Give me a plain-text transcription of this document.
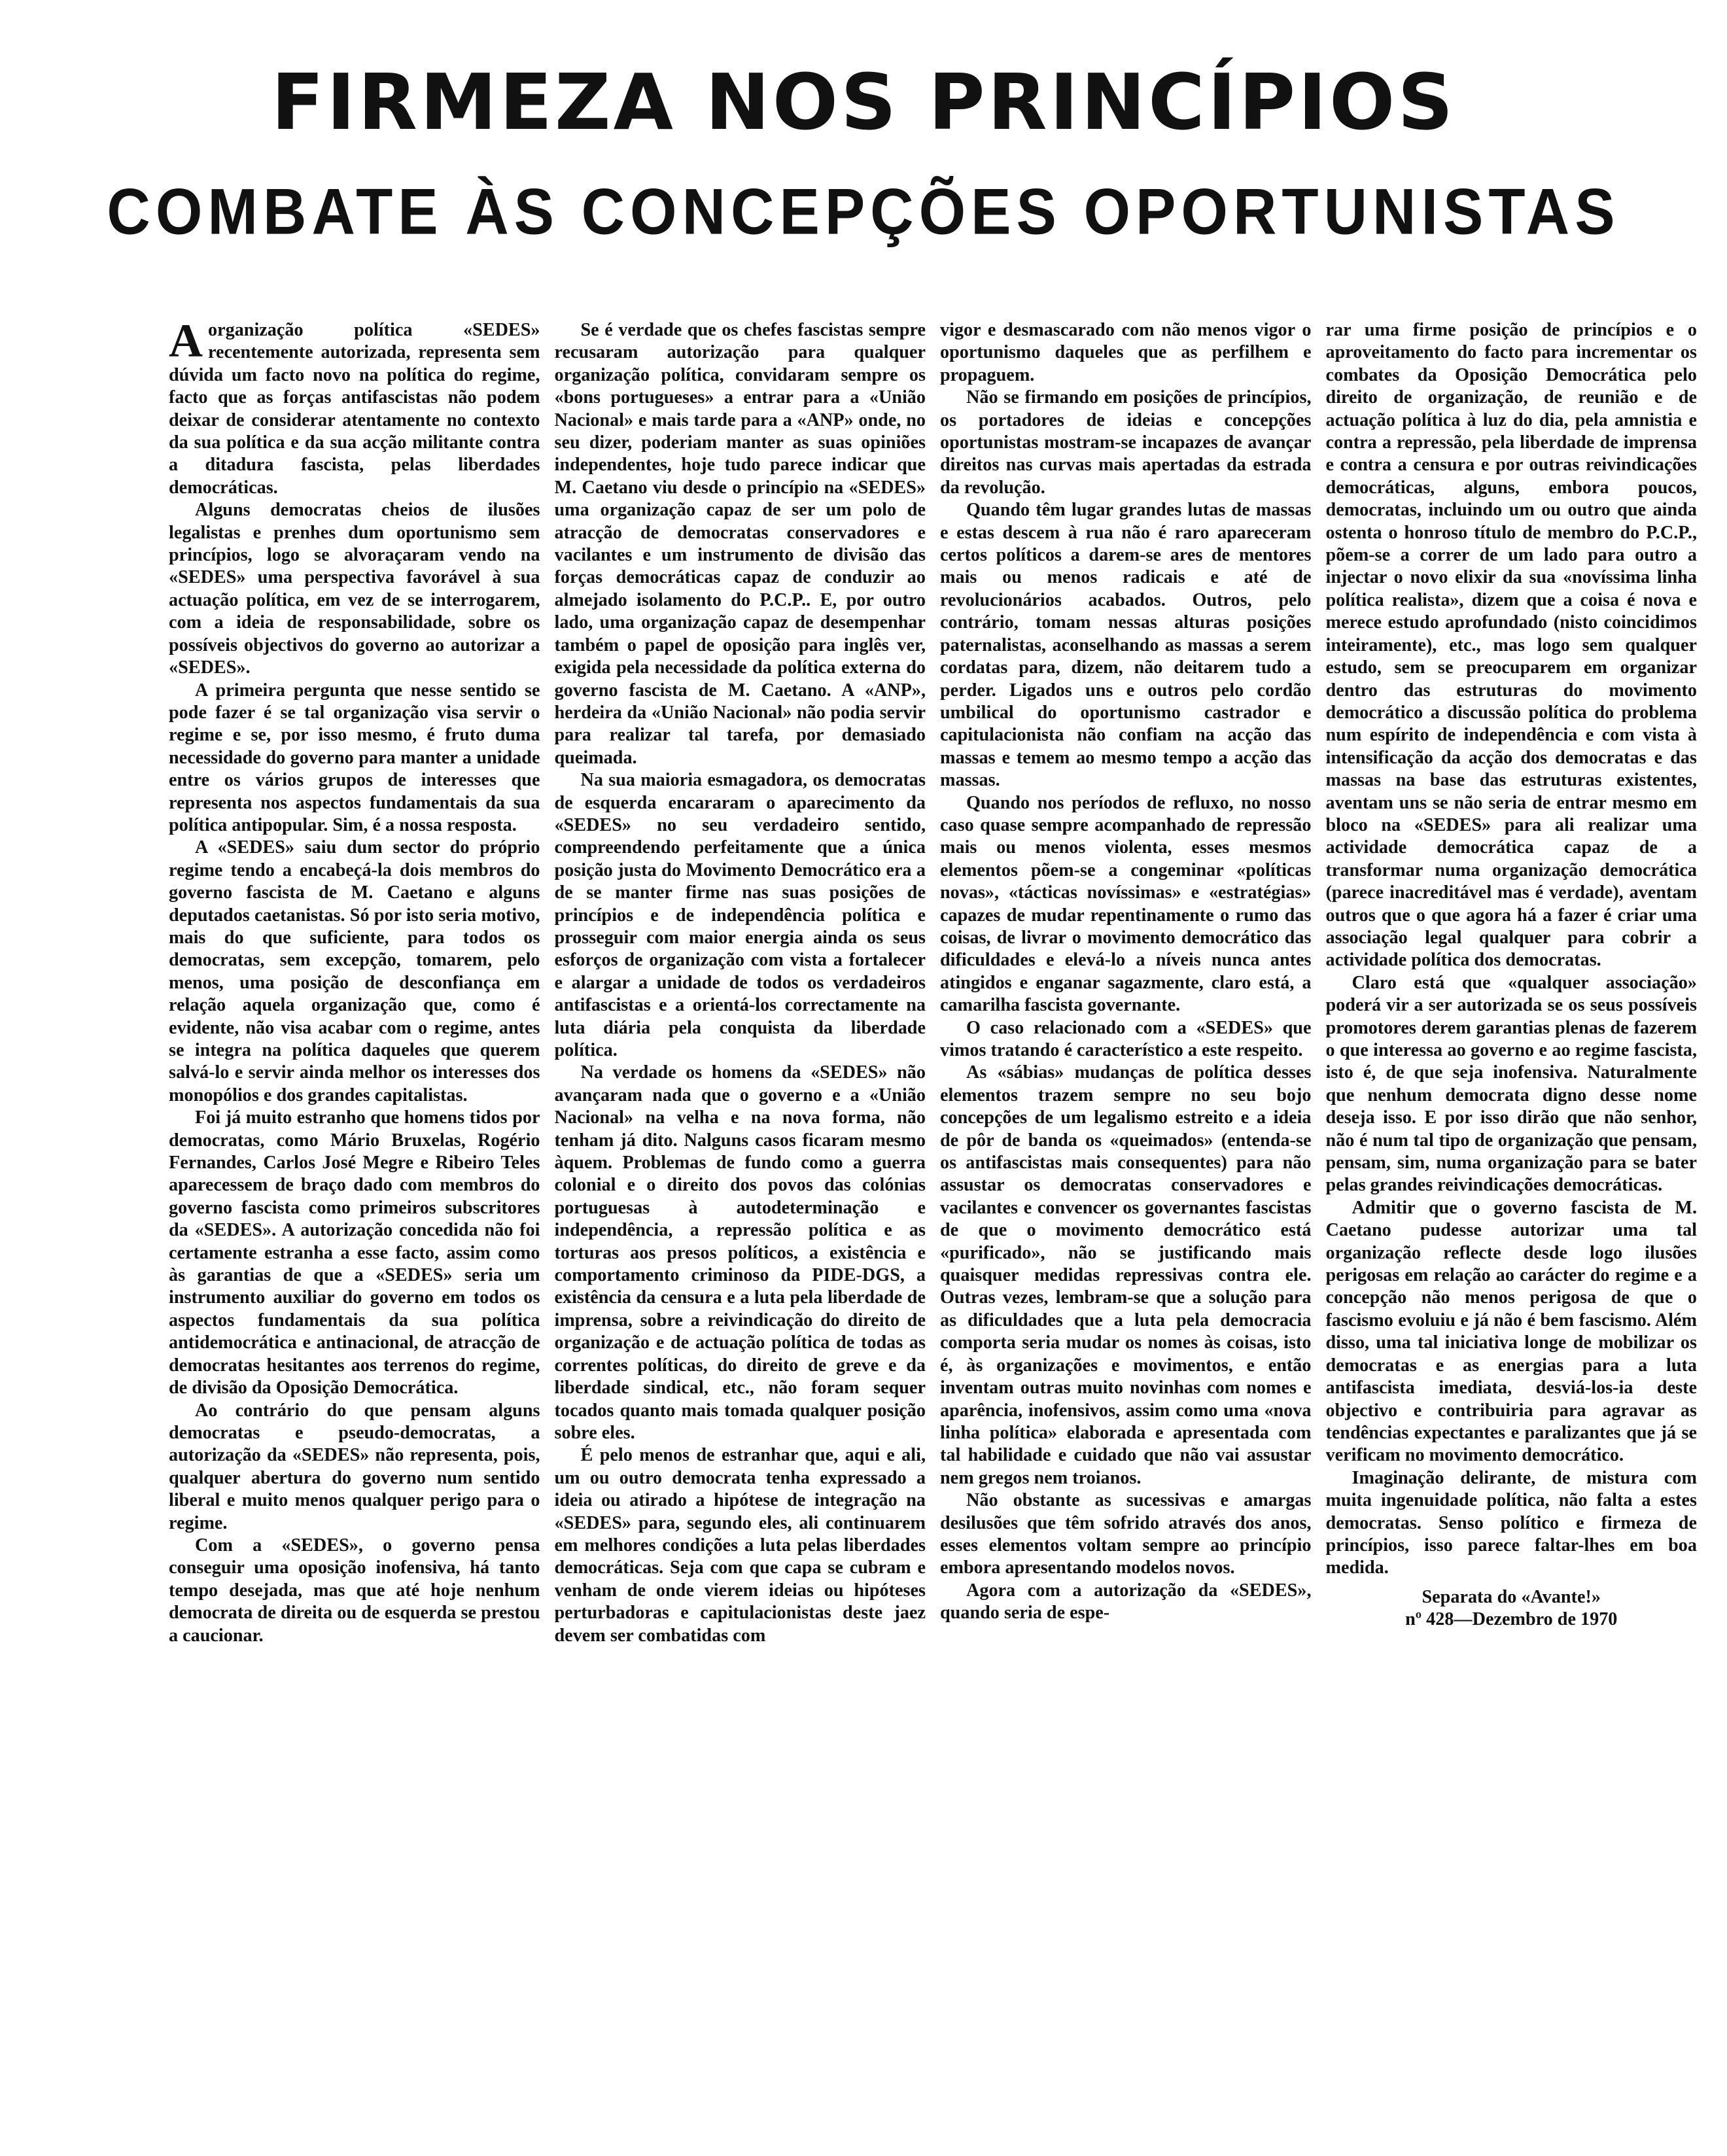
FIRMEZA NOS PRINCÍPIOS
COMBATE ÀS CONCEPÇÕES OPORTUNISTAS

Aorganização política «SEDES» recentemente autorizada, representa sem dúvida um facto novo na política do regime, facto que as forças antifascistas não podem deixar de considerar atentamente no contexto da sua política e da sua acção militante contra a ditadura fascista, pelas liberdades democráticas.

Alguns democratas cheios de ilusões legalistas e prenhes dum oportunismo sem princípios, logo se alvoraçaram vendo na «SEDES» uma perspectiva favorável à sua actuação política, em vez de se interrogarem, com a ideia de responsabilidade, sobre os possíveis objectivos do governo ao autorizar a «SEDES».

A primeira pergunta que nesse sentido se pode fazer é se tal organização visa servir o regime e se, por isso mesmo, é fruto duma necessidade do governo para manter a unidade entre os vários grupos de interesses que representa nos aspectos fundamentais da sua política antipopular. Sim, é a nossa resposta.

A «SEDES» saiu dum sector do próprio regime tendo a encabeçá-la dois membros do governo fascista de M. Caetano e alguns deputados caetanistas. Só por isto seria motivo, mais do que suficiente, para todos os democratas, sem excepção, tomarem, pelo menos, uma posição de desconfiança em relação aquela organização que, como é evidente, não visa acabar com o regime, antes se integra na política daqueles que querem salvá-lo e servir ainda melhor os interesses dos monopólios e dos grandes capitalistas.

Foi já muito estranho que homens tidos por democratas, como Mário Bruxelas, Rogério Fernandes, Carlos José Megre e Ribeiro Teles aparecessem de braço dado com membros do governo fascista como primeiros subscritores da «SEDES». A autorização concedida não foi certamente estranha a esse facto, assim como às garantias de que a «SEDES» seria um instrumento auxiliar do governo em todos os aspectos fundamentais da sua política antidemocrática e antinacional, de atracção de democratas hesitantes aos terrenos do regime, de divisão da Oposição Democrática.

Ao contrário do que pensam alguns democratas e pseudo-democratas, a autorização da «SEDES» não representa, pois, qualquer abertura do governo num sentido liberal e muito menos qualquer perigo para o regime.

Com a «SEDES», o governo pensa conseguir uma oposição inofensiva, há tanto tempo desejada, mas que até hoje nenhum democrata de direita ou de esquerda se prestou a caucionar.

Se é verdade que os chefes fascistas sempre recusaram autorização para qualquer organização política, convidaram sempre os «bons portugueses» a entrar para a «União Nacional» e mais tarde para a «ANP» onde, no seu dizer, poderiam manter as suas opiniões independentes, hoje tudo parece indicar que M. Caetano viu desde o princípio na «SEDES» uma organização capaz de ser um polo de atracção de democratas conservadores e vacilantes e um instrumento de divisão das forças democráticas capaz de conduzir ao almejado isolamento do P.C.P.. E, por outro lado, uma organização capaz de desempenhar também o papel de oposição para inglês ver, exigida pela necessidade da política externa do governo fascista de M. Caetano. A «ANP», herdeira da «União Nacional» não podia servir para realizar tal tarefa, por demasiado queimada.

Na sua maioria esmagadora, os democratas de esquerda encararam o aparecimento da «SEDES» no seu verdadeiro sentido, compreendendo perfeitamente que a única posição justa do Movimento Democrático era a de se manter firme nas suas posições de princípios e de independência política e prosseguir com maior energia ainda os seus esforços de organização com vista a fortalecer e alargar a unidade de todos os verdadeiros antifascistas e a orientá-los correctamente na luta diária pela conquista da liberdade política.

Na verdade os homens da «SEDES» não avançaram nada que o governo e a «União Nacional» na velha e na nova forma, não tenham já dito. Nalguns casos ficaram mesmo àquem. Problemas de fundo como a guerra colonial e o direito dos povos das colónias portuguesas à autodeterminação e independência, a repressão política e as torturas aos presos políticos, a existência e comportamento criminoso da PIDE-DGS, a existência da censura e a luta pela liberdade de imprensa, sobre a reivindicação do direito de organização e de actuação política de todas as correntes políticas, do direito de greve e da liberdade sindical, etc., não foram sequer tocados quanto mais tomada qualquer posição sobre eles.

É pelo menos de estranhar que, aqui e ali, um ou outro democrata tenha expressado a ideia ou atirado a hipótese de integração na «SEDES» para, segundo eles, ali continuarem em melhores condições a luta pelas liberdades democráticas. Seja com que capa se cubram e venham de onde vierem ideias ou hipóteses perturbadoras e capitulacionistas deste jaez devem ser combatidas com

vigor e desmascarado com não menos vigor o oportunismo daqueles que as perfilhem e propaguem.

Não se firmando em posições de princípios, os portadores de ideias e concepções oportunistas mostram-se incapazes de avançar direitos nas curvas mais apertadas da estrada da revolução.

Quando têm lugar grandes lutas de massas e estas descem à rua não é raro apareceram certos políticos a darem-se ares de mentores mais ou menos radicais e até de revolucionários acabados. Outros, pelo contrário, tomam nessas alturas posições paternalistas, aconselhando as massas a serem cordatas para, dizem, não deitarem tudo a perder. Ligados uns e outros pelo cordão umbilical do oportunismo castrador e capitulacionista não confiam na acção das massas e temem ao mesmo tempo a acção das massas.

Quando nos períodos de refluxo, no nosso caso quase sempre acompanhado de repressão mais ou menos violenta, esses mesmos elementos põem-se a congeminar «políticas novas», «tácticas novíssimas» e «estratégias» capazes de mudar repentinamente o rumo das coisas, de livrar o movimento democrático das dificuldades e elevá-lo a níveis nunca antes atingidos e enganar sagazmente, claro está, a camarilha fascista governante.

O caso relacionado com a «SEDES» que vimos tratando é característico a este respeito.

As «sábias» mudanças de política desses elementos trazem sempre no seu bojo concepções de um legalismo estreito e a ideia de pôr de banda os «queimados» (entenda-se os antifascistas mais consequentes) para não assustar os democratas conservadores e vacilantes e convencer os governantes fascistas de que o movimento democrático está «purificado», não se justificando mais quaisquer medidas repressivas contra ele. Outras vezes, lembram-se que a solução para as dificuldades que a luta pela democracia comporta seria mudar os nomes às coisas, isto é, às organizações e movimentos, e então inventam outras muito novinhas com nomes e aparência, inofensivos, assim como uma «nova linha política» elaborada e apresentada com tal habilidade e cuidado que não vai assustar nem gregos nem troianos.

Não obstante as sucessivas e amargas desilusões que têm sofrido através dos anos, esses elementos voltam sempre ao princípio embora apresentando modelos novos.

Agora com a autorização da «SEDES», quando seria de espe-

rar uma firme posição de princípios e o aproveitamento do facto para incrementar os combates da Oposição Democrática pelo direito de organização, de reunião e de actuação política à luz do dia, pela amnistia e contra a repressão, pela liberdade de imprensa e contra a censura e por outras reivindicações democráticas, alguns, embora poucos, democratas, incluindo um ou outro que ainda ostenta o honroso título de membro do P.C.P., põem-se a correr de um lado para outro a injectar o novo elixir da sua «novíssima linha política realista», dizem que a coisa é nova e merece estudo aprofundado (nisto coincidimos inteiramente), etc., mas logo sem qualquer estudo, sem se preocuparem em organizar dentro das estruturas do movimento democrático a discussão política do problema num espírito de independência e com vista à intensificação da acção dos democratas e das massas na base das estruturas existentes, aventam uns se não seria de entrar mesmo em bloco na «SEDES» para ali realizar uma actividade democrática capaz de a transformar numa organização democrática (parece inacreditável mas é verdade), aventam outros que o que agora há a fazer é criar uma associação legal qualquer para cobrir a actividade política dos democratas.

Claro está que «qualquer associação» poderá vir a ser autorizada se os seus possíveis promotores derem garantias plenas de fazerem o que interessa ao governo e ao regime fascista, isto é, de que seja inofensiva. Naturalmente que nenhum democrata digno desse nome deseja isso. E por isso dirão que não senhor, não é num tal tipo de organização que pensam, pensam, sim, numa organização para se bater pelas grandes reivindicações democráticas.

Admitir que o governo fascista de M. Caetano pudesse autorizar uma tal organização reflecte desde logo ilusões perigosas em relação ao carácter do regime e a concepção não menos perigosa de que o fascismo evoluiu e já não é bem fascismo. Além disso, uma tal iniciativa longe de mobilizar os democratas e as energias para a luta antifascista imediata, desviá-los-ia deste objectivo e contribuiria para agravar as tendências expectantes e paralizantes que já se verificam no movimento democrático.

Imaginação delirante, de mistura com muita ingenuidade política, não falta a estes democratas. Senso político e firmeza de princípios, isso parece faltar-lhes em boa medida.

Separata do «Avante!»

nº 428—Dezembro de 1970
